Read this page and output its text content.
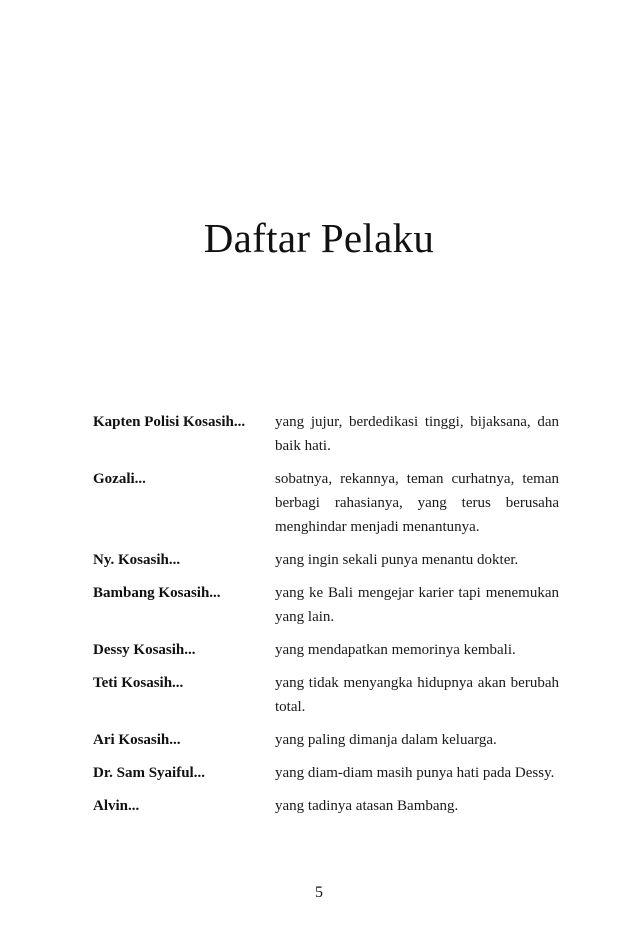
Daftar Pelaku
Kapten Polisi Kosasih...	yang jujur, berdedikasi tinggi, bijaksana, dan baik hati.
Gozali...	sobatnya, rekannya, teman curhatnya, teman berbagi rahasianya, yang terus berusaha menghindar menjadi menantunya.
Ny. Kosasih...	yang ingin sekali punya menantu dokter.
Bambang Kosasih...	yang ke Bali mengejar karier tapi menemukan yang lain.
Dessy Kosasih...	yang mendapatkan memorinya kembali.
Teti Kosasih...	yang tidak menyangka hidupnya akan berubah total.
Ari Kosasih...	yang paling dimanja dalam keluarga.
Dr. Sam Syaiful...	yang diam-diam masih punya hati pada Dessy.
Alvin...	yang tadinya atasan Bambang.
5
